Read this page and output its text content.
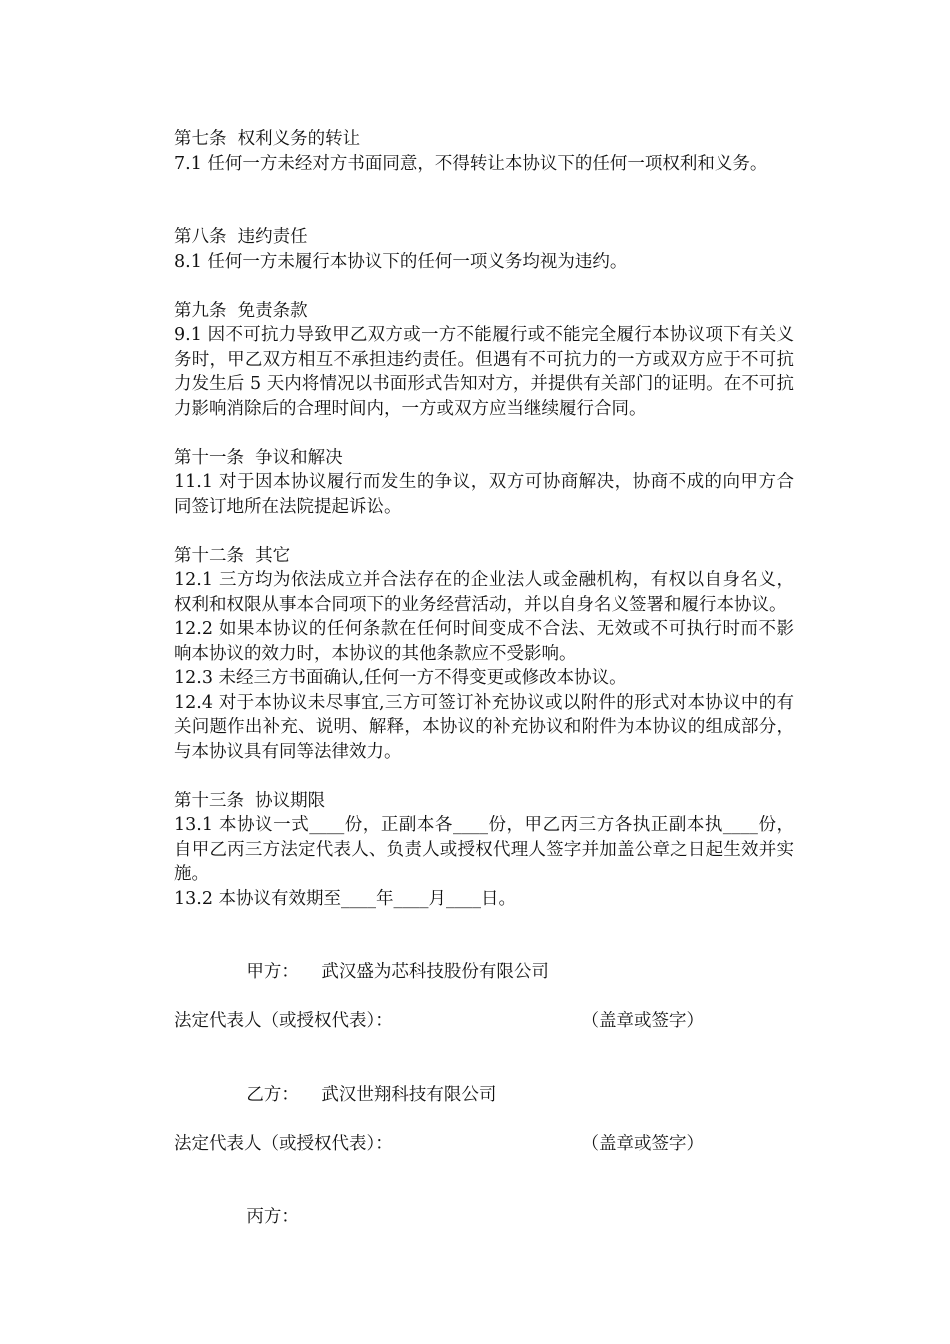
第七条  权利义务的转让

7.1 任何一方未经对方书面同意，不得转让本协议下的任何一项权利和义务。

第八条  违约责任

8.1 任何一方未履行本协议下的任何一项义务均视为违约。

第九条  免责条款

9.1 因不可抗力导致甲乙双方或一方不能履行或不能完全履行本协议项下有关义务时，甲乙双方相互不承担违约责任。但遇有不可抗力的一方或双方应于不可抗力发生后 5 天内将情况以书面形式告知对方，并提供有关部门的证明。在不可抗力影响消除后的合理时间内，一方或双方应当继续履行合同。

第十一条  争议和解决

11.1 对于因本协议履行而发生的争议，双方可协商解决，协商不成的向甲方合同签订地所在法院提起诉讼。

第十二条  其它

12.1 三方均为依法成立并合法存在的企业法人或金融机构，有权以自身名义，权利和权限从事本合同项下的业务经营活动，并以自身名义签署和履行本协议。

12.2 如果本协议的任何条款在任何时间变成不合法、无效或不可执行时而不影响本协议的效力时，本协议的其他条款应不受影响。

12.3 未经三方书面确认,任何一方不得变更或修改本协议。

12.4 对于本协议未尽事宜,三方可签订补充协议或以附件的形式对本协议中的有关问题作出补充、说明、解释，本协议的补充协议和附件为本协议的组成部分，与本协议具有同等法律效力。

第十三条  协议期限

13.1 本协议一式____份，正副本各____份，甲乙丙三方各执正副本执____份，自甲乙丙三方法定代表人、负责人或授权代理人签字并加盖公章之日起生效并实施。

13.2 本协议有效期至____年____月____日。

甲方： 武汉盛为芯科技股份有限公司

法定代表人（或授权代表）：	（盖章或签字）

乙方： 武汉世翔科技有限公司

法定代表人（或授权代表）：	（盖章或签字）

丙方：
